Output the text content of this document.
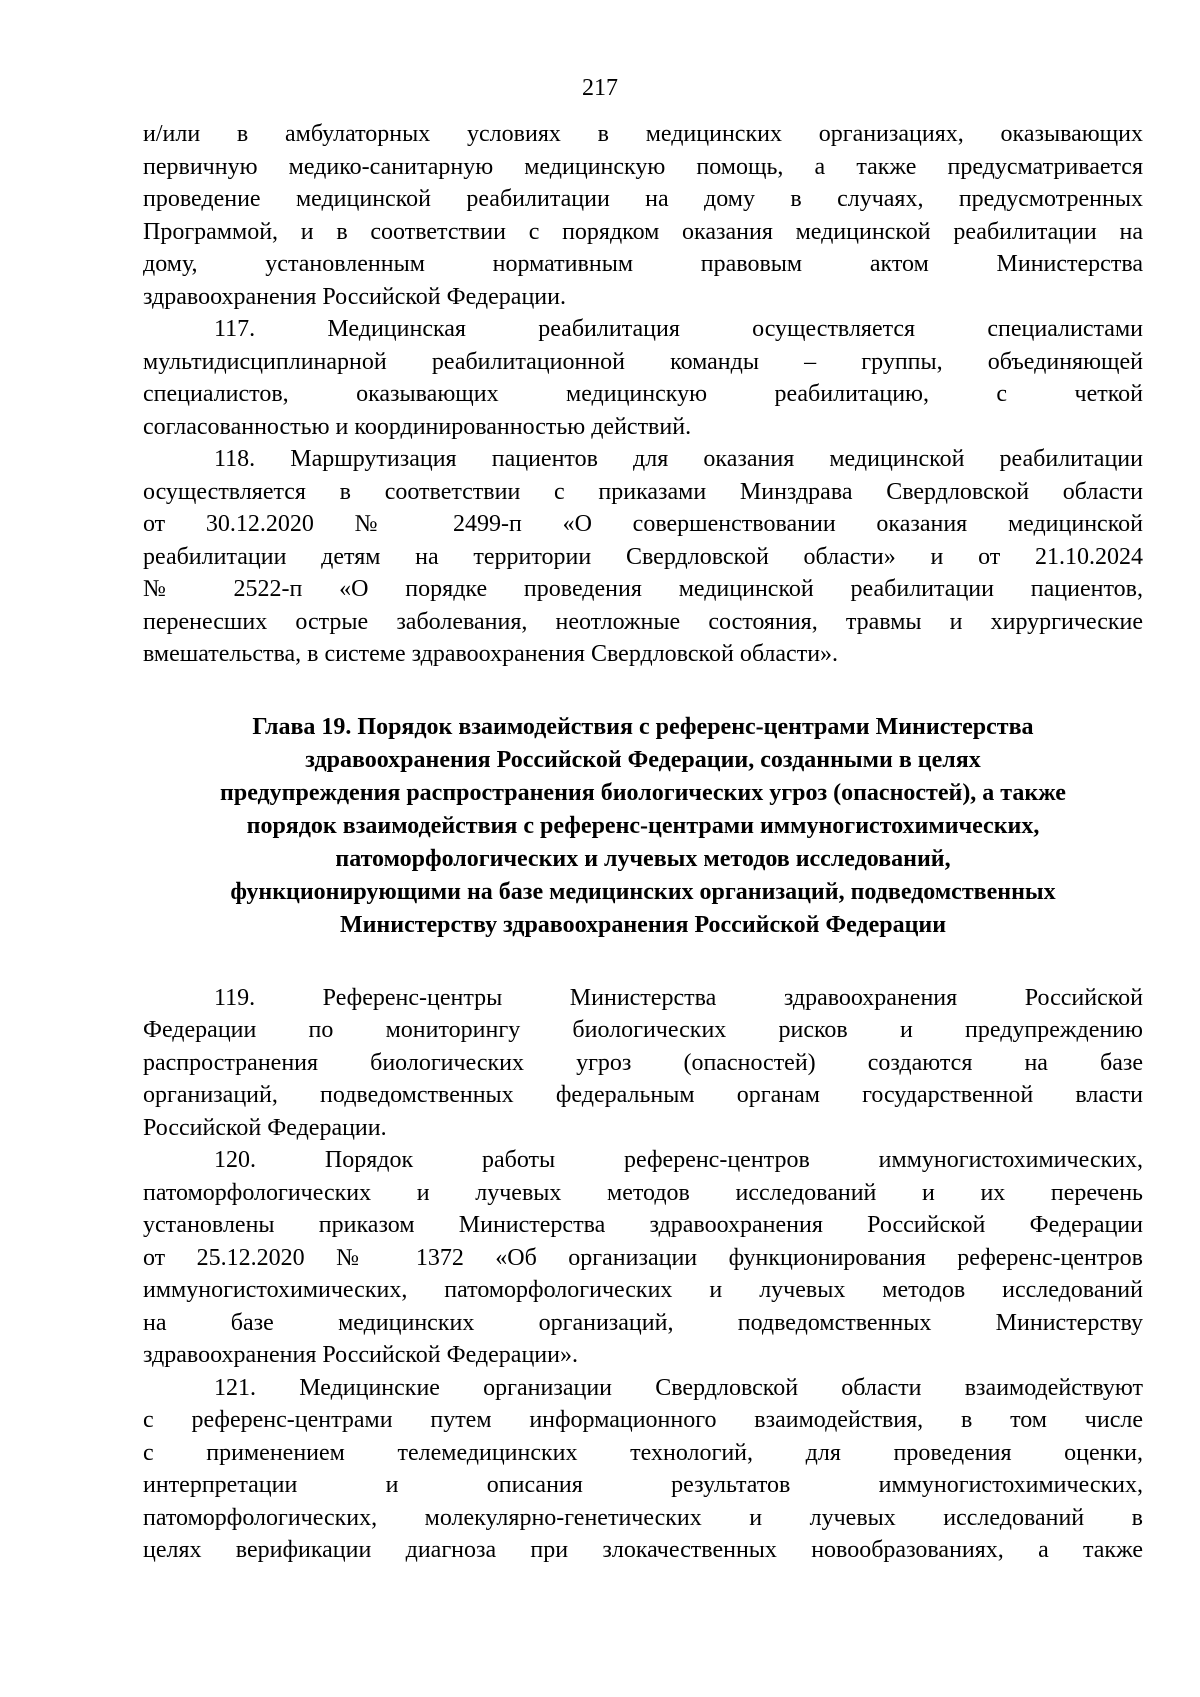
217

и/или в амбулаторных условиях в медицинских организациях, оказывающих

первичную медико-санитарную медицинскую помощь, а также предусматривается

проведение медицинской реабилитации на дому в случаях, предусмотренных

Программой, и в соответствии с порядком оказания медицинской реабилитации на

дому, установленным нормативным правовым актом Министерства

здравоохранения Российской Федерации.

117. Медицинская реабилитация осуществляется специалистами

мультидисциплинарной реабилитационной команды – группы, объединяющей

специалистов, оказывающих медицинскую реабилитацию, с четкой

согласованностью и координированностью действий.

118. Маршрутизация пациентов для оказания медицинской реабилитации

осуществляется в соответствии с приказами Минздрава Свердловской области

от 30.12.2020 № 2499-п «О совершенствовании оказания медицинской

реабилитации детям на территории Свердловской области» и от 21.10.2024

№ 2522-п «О порядке проведения медицинской реабилитации пациентов,

перенесших острые заболевания, неотложные состояния, травмы и хирургические

вмешательства, в системе здравоохранения Свердловской области».

Глава 19. Порядок взаимодействия с референс-центрами Министерства
здравоохранения Российской Федерации, созданными в целях
предупреждения распространения биологических угроз (опасностей), а также
порядок взаимодействия с референс-центрами иммуногистохимических,
патоморфологических и лучевых методов исследований,
функционирующими на базе медицинских организаций, подведомственных
Министерству здравоохранения Российской Федерации

119. Референс-центры Министерства здравоохранения Российской

Федерации по мониторингу биологических рисков и предупреждению

распространения биологических угроз (опасностей) создаются на базе

организаций, подведомственных федеральным органам государственной власти

Российской Федерации.

120. Порядок работы референс-центров иммуногистохимических,

патоморфологических и лучевых методов исследований и их перечень

установлены приказом Министерства здравоохранения Российской Федерации

от 25.12.2020 № 1372 «Об организации функционирования референс-центров

иммуногистохимических, патоморфологических и лучевых методов исследований

на базе медицинских организаций, подведомственных Министерству

здравоохранения Российской Федерации».

121. Медицинские организации Свердловской области взаимодействуют

с референс-центрами путем информационного взаимодействия, в том числе

с применением телемедицинских технологий, для проведения оценки,

интерпретации и описания результатов иммуногистохимических,

патоморфологических, молекулярно-генетических и лучевых исследований в

целях верификации диагноза при злокачественных новообразованиях, а также
